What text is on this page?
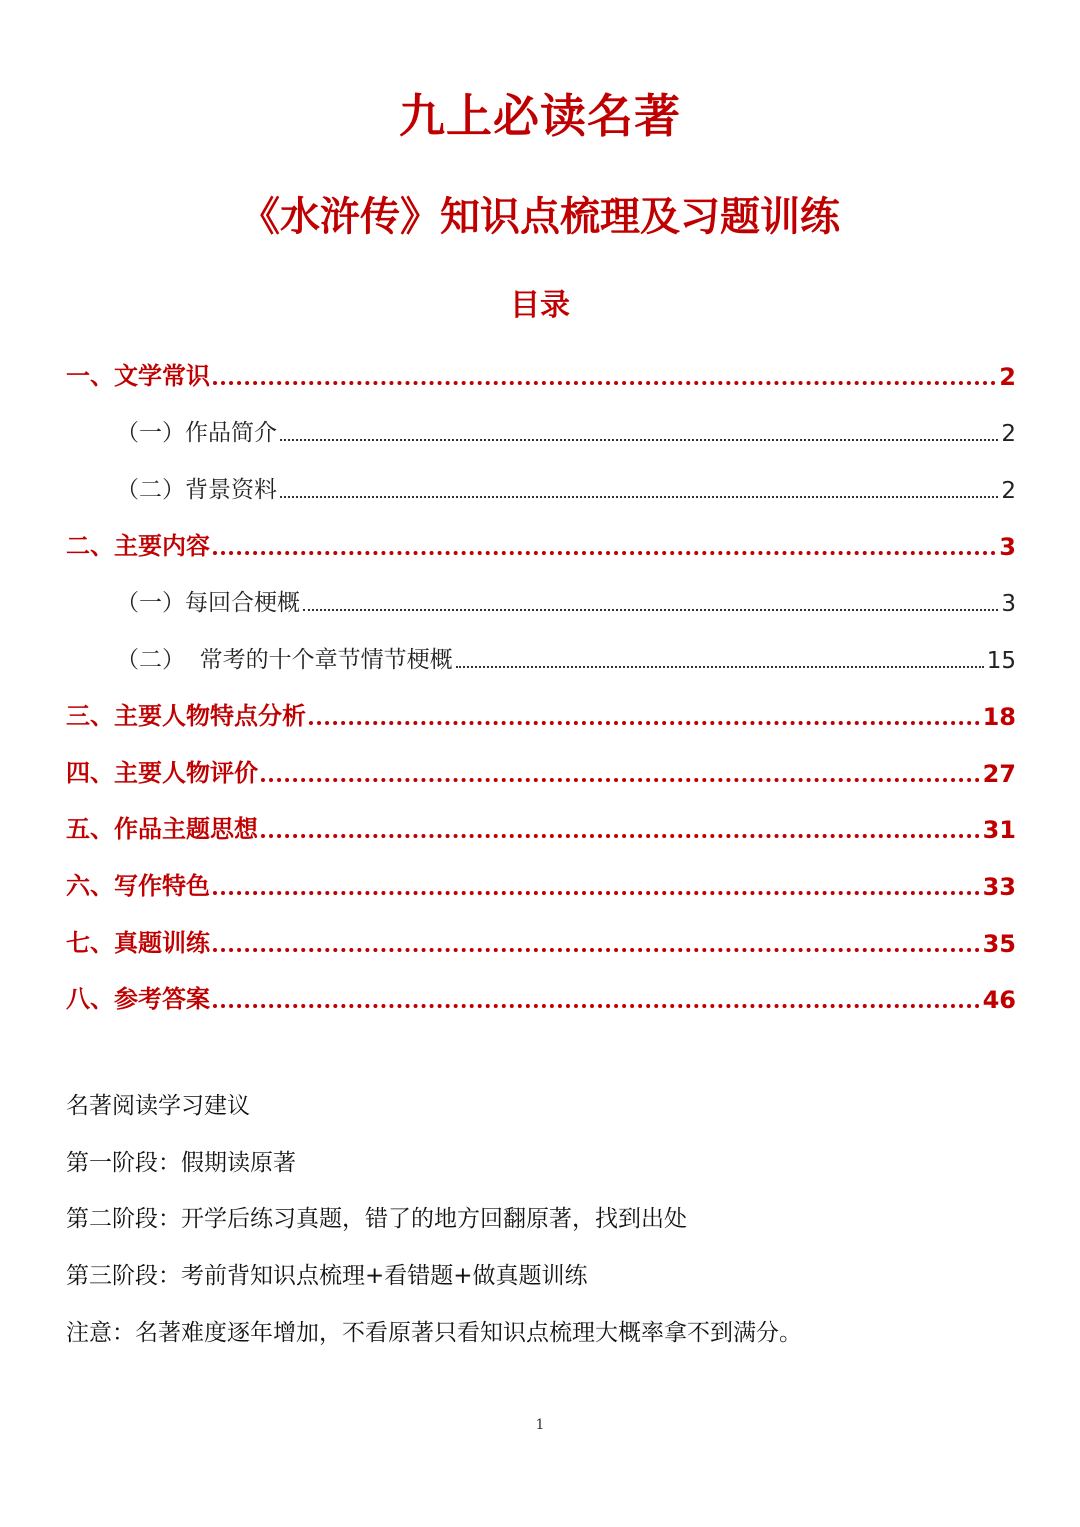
九上必读名著
《水浒传》知识点梳理及习题训练
目录
一、文学常识	2
（一）作品简介	2
（二）背景资料	2
二、主要内容	3
（一）每回合梗概	3
（二）  常考的十个章节情节梗概	15
三、主要人物特点分析	18
四、主要人物评价	27
五、作品主题思想	31
六、写作特色	33
七、真题训练	35
八、参考答案	46

名著阅读学习建议

第一阶段：假期读原著

第二阶段：开学后练习真题，错了的地方回翻原著，找到出处

第三阶段：考前背知识点梳理+看错题+做真题训练

注意：名著难度逐年增加，不看原著只看知识点梳理大概率拿不到满分。

1
